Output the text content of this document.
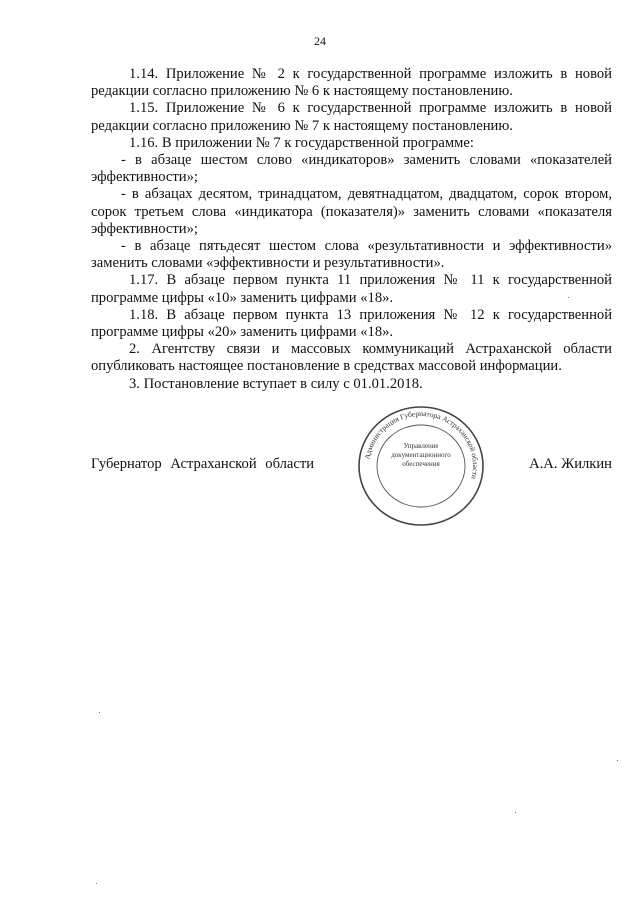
24

1.14. Приложение № 2 к государственной программе изложить в новой редакции согласно приложению № 6 к настоящему постановлению.

1.15. Приложение № 6 к государственной программе изложить в новой редакции согласно приложению № 7 к настоящему постановлению.

1.16. В приложении № 7 к государственной программе:

- в абзаце шестом слово «индикаторов» заменить словами «показателей эффективности»;

- в абзацах десятом, тринадцатом, девятнадцатом, двадцатом, сорок втором, сорок третьем слова «индикатора (показателя)» заменить словами «показателя эффективности»;

- в абзаце пятьдесят шестом слова «результативности и эффективности» заменить словами «эффективности и результативности».

1.17. В абзаце первом пункта 11 приложения № 11 к государственной программе цифры «10» заменить цифрами «18».

1.18. В абзаце первом пункта 13 приложения № 12 к государственной программе цифры «20» заменить цифрами «18».

2. Агентству связи и массовых коммуникаций Астраханской области опубликовать настоящее постановление в средствах массовой информации.

3. Постановление вступает в силу с 01.01.2018.

Губернатор Астраханской области	А.А. Жилкин
Администрация Губернатора Астраханской области
Управление документационного обеспечения
